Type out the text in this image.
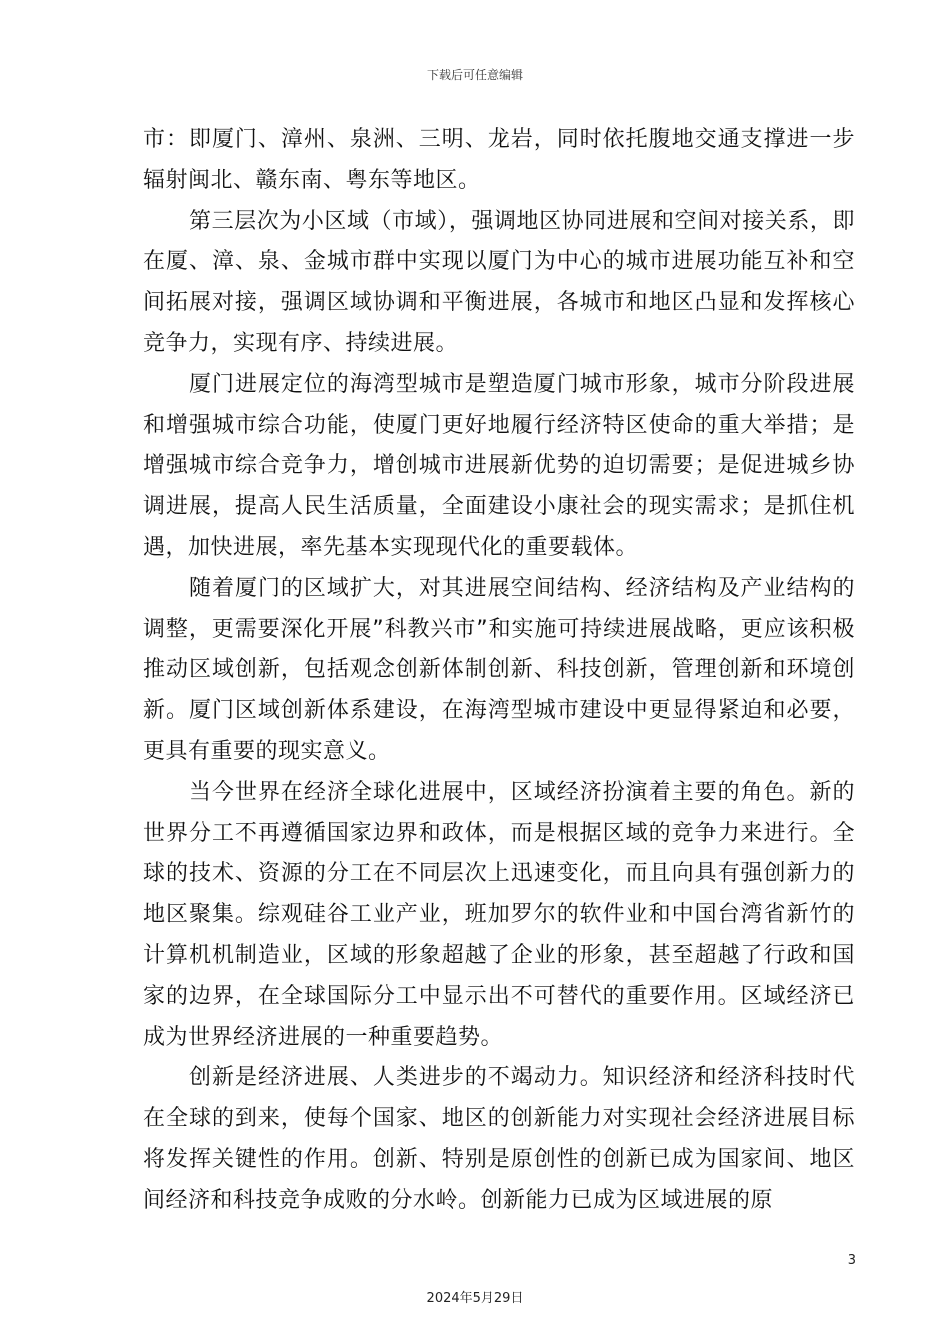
下载后可任意编辑

市：即厦门、漳州、泉洲、三明、龙岩，同时依托腹地交通支撑进一步辐射闽北、赣东南、粤东等地区。

第三层次为小区域（市域），强调地区协同进展和空间对接关系，即在厦、漳、泉、金城市群中实现以厦门为中心的城市进展功能互补和空间拓展对接，强调区域协调和平衡进展，各城市和地区凸显和发挥核心竞争力，实现有序、持续进展。

厦门进展定位的海湾型城市是塑造厦门城市形象，城市分阶段进展和增强城市综合功能，使厦门更好地履行经济特区使命的重大举措；是增强城市综合竞争力，增创城市进展新优势的迫切需要；是促进城乡协调进展，提高人民生活质量，全面建设小康社会的现实需求；是抓住机遇，加快进展，率先基本实现现代化的重要载体。

随着厦门的区域扩大，对其进展空间结构、经济结构及产业结构的调整，更需要深化开展”科教兴市”和实施可持续进展战略，更应该积极推动区域创新，包括观念创新体制创新、科技创新，管理创新和环境创新。厦门区域创新体系建设，在海湾型城市建设中更显得紧迫和必要，更具有重要的现实意义。

当今世界在经济全球化进展中，区域经济扮演着主要的角色。新的世界分工不再遵循国家边界和政体，而是根据区域的竞争力来进行。全球的技术、资源的分工在不同层次上迅速变化，而且向具有强创新力的地区聚集。综观硅谷工业产业，班加罗尔的软件业和中国台湾省新竹的计算机机制造业，区域的形象超越了企业的形象，甚至超越了行政和国家的边界，在全球国际分工中显示出不可替代的重要作用。区域经济已成为世界经济进展的一种重要趋势。

创新是经济进展、人类进步的不竭动力。知识经济和经济科技时代在全球的到来，使每个国家、地区的创新能力对实现社会经济进展目标将发挥关键性的作用。创新、特别是原创性的创新已成为国家间、地区间经济和科技竞争成败的分水岭。创新能力已成为区域进展的原

3
2024年5月29日
